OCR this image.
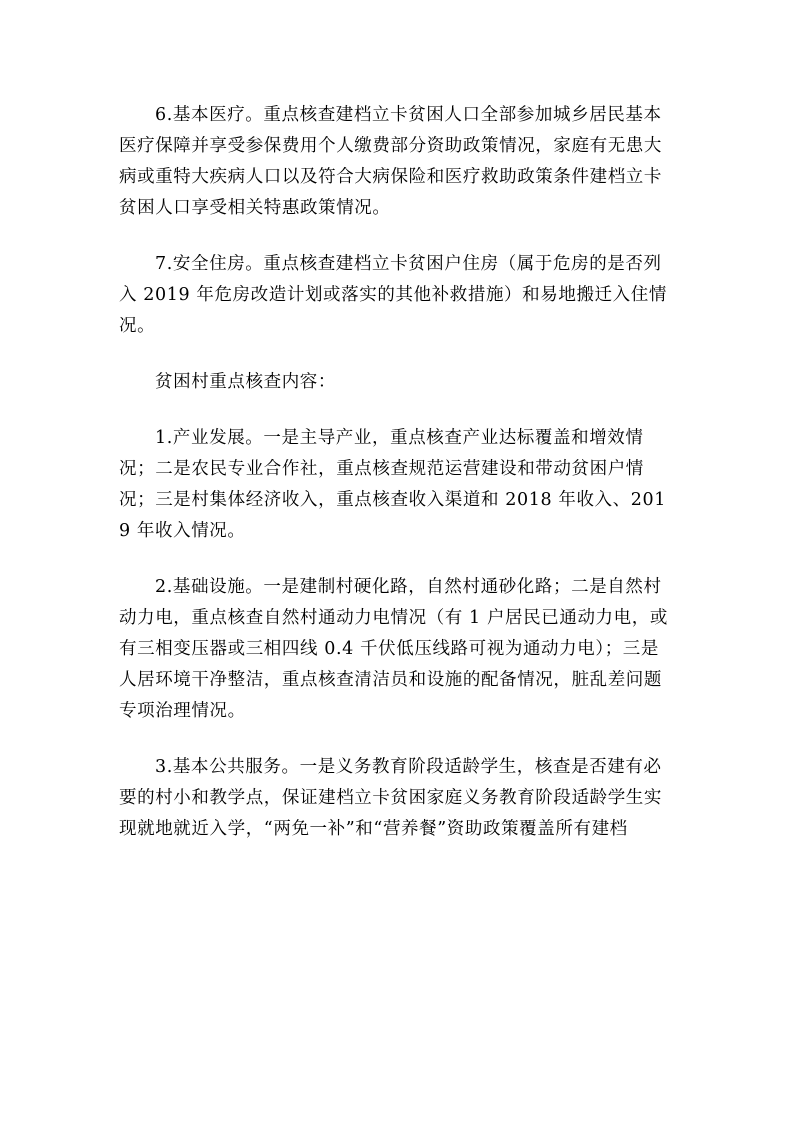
6.基本医疗。重点核查建档立卡贫困人口全部参加城乡居民基本医疗保障并享受参保费用个人缴费部分资助政策情况，家庭有无患大病或重特大疾病人口以及符合大病保险和医疗救助政策条件建档立卡贫困人口享受相关特惠政策情况。

7.安全住房。重点核查建档立卡贫困户住房（属于危房的是否列入 2019 年危房改造计划或落实的其他补救措施）和易地搬迁入住情况。

贫困村重点核查内容：

1.产业发展。一是主导产业，重点核查产业达标覆盖和增效情况；二是农民专业合作社，重点核查规范运营建设和带动贫困户情况；三是村集体经济收入，重点核查收入渠道和 2018 年收入、2019 年收入情况。

2.基础设施。一是建制村硬化路，自然村通砂化路；二是自然村动力电，重点核查自然村通动力电情况（有 1 户居民已通动力电，或有三相变压器或三相四线 0.4 千伏低压线路可视为通动力电）；三是人居环境干净整洁，重点核查清洁员和设施的配备情况，脏乱差问题专项治理情况。

3.基本公共服务。一是义务教育阶段适龄学生，核查是否建有必要的村小和教学点，保证建档立卡贫困家庭义务教育阶段适龄学生实现就地就近入学，“两免一补”和“营养餐”资助政策覆盖所有建档
